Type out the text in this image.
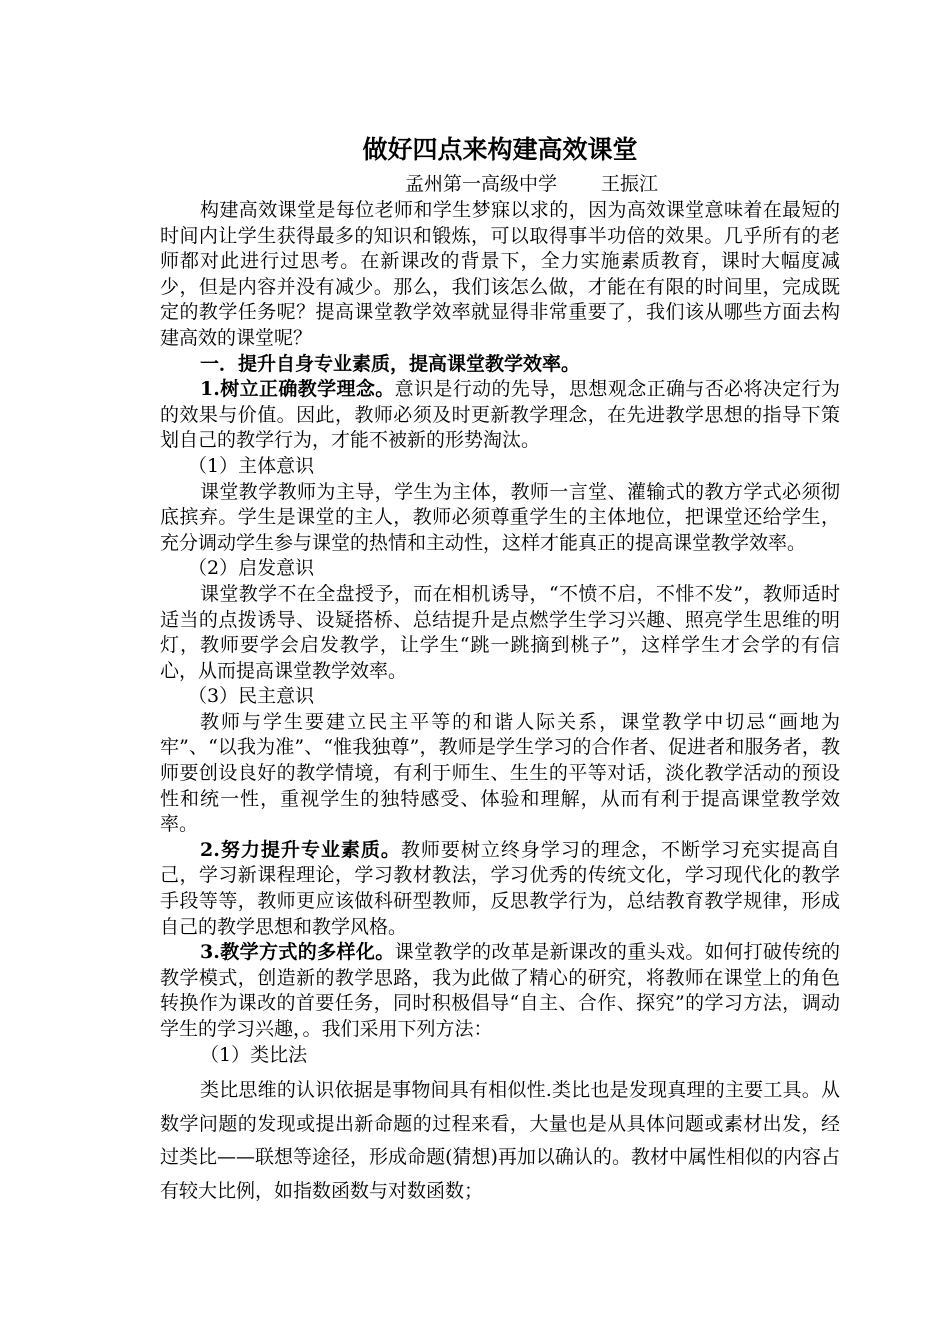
做好四点来构建高效课堂
孟州第一高级中学 王振江

构建高效课堂是每位老师和学生梦寐以求的，因为高效课堂意味着在最短的时间内让学生获得最多的知识和锻炼，可以取得事半功倍的效果。几乎所有的老师都对此进行过思考。在新课改的背景下，全力实施素质教育，课时大幅度减少，但是内容并没有减少。那么，我们该怎么做，才能在有限的时间里，完成既定的教学任务呢？提高课堂教学效率就显得非常重要了，我们该从哪些方面去构建高效的课堂呢？

一．提升自身专业素质，提高课堂教学效率。

1.树立正确教学理念。意识是行动的先导，思想观念正确与否必将决定行为的效果与价值。因此，教师必须及时更新教学理念，在先进教学思想的指导下策划自己的教学行为，才能不被新的形势淘汰。

（1）主体意识

课堂教学教师为主导，学生为主体，教师一言堂、灌输式的教方学式必须彻底摈弃。学生是课堂的主人，教师必须尊重学生的主体地位，把课堂还给学生，充分调动学生参与课堂的热情和主动性，这样才能真正的提高课堂教学效率。

（2）启发意识

课堂教学不在全盘授予，而在相机诱导，“不愤不启，不悱不发”，教师适时适当的点拨诱导、设疑搭桥、总结提升是点燃学生学习兴趣、照亮学生思维的明灯，教师要学会启发教学，让学生“跳一跳摘到桃子”，这样学生才会学的有信心，从而提高课堂教学效率。

（3）民主意识

教师与学生要建立民主平等的和谐人际关系，课堂教学中切忌“画地为牢”、“以我为准”、“惟我独尊”，教师是学生学习的合作者、促进者和服务者，教师要创设良好的教学情境，有利于师生、生生的平等对话，淡化教学活动的预设性和统一性，重视学生的独特感受、体验和理解，从而有利于提高课堂教学效率。

2.努力提升专业素质。教师要树立终身学习的理念，不断学习充实提高自己，学习新课程理论，学习教材教法，学习优秀的传统文化，学习现代化的教学手段等等，教师更应该做科研型教师，反思教学行为，总结教育教学规律，形成自己的教学思想和教学风格。

3.教学方式的多样化。课堂教学的改革是新课改的重头戏。如何打破传统的教学模式，创造新的教学思路，我为此做了精心的研究，将教师在课堂上的角色转换作为课改的首要任务，同时积极倡导“自主、合作、探究”的学习方法，调动学生的学习兴趣，。我们采用下列方法：

（1）类比法

类比思维的认识依据是事物间具有相似性.类比也是发现真理的主要工具。从数学问题的发现或提出新命题的过程来看，大量也是从具体问题或素材出发，经过类比——联想等途径，形成命题(猜想)再加以确认的。教材中属性相似的内容占有较大比例，如指数函数与对数函数；
